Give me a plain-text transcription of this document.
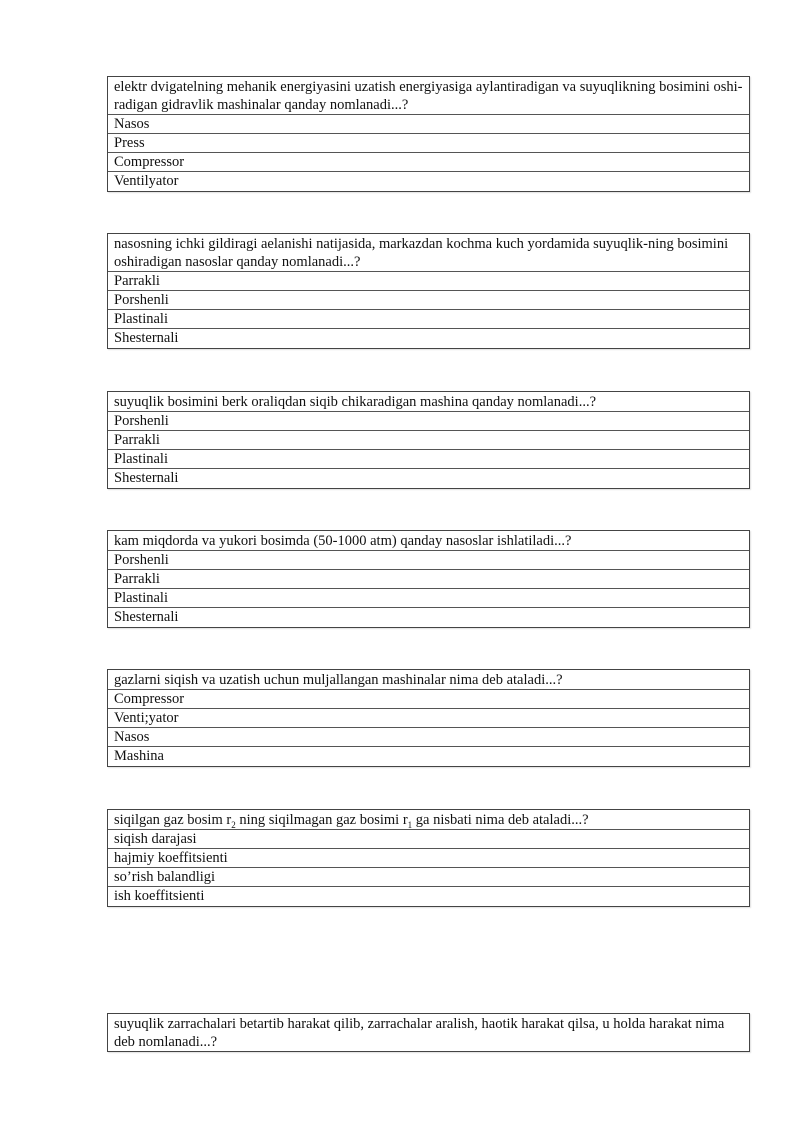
elektr dvigatelning mehanik energiyasini uzatish energiyasiga aylantiradigan va suyuqlikning bosimini oshi-radigan gidravlik mashinalar qanday nomlanadi...?
Nasos
Press
Compressor
Ventilyator
nasosning ichki gildiragi aelanishi natijasida, markazdan kochma kuch yordamida suyuqlik-ning bosimini oshiradigan nasoslar qanday nomlanadi...?
Parrakli
Porshenli
Plastinali
Shesternali
suyuqlik bosimini berk oraliqdan siqib chikaradigan mashina qanday nomlanadi...?
Porshenli
Parrakli
Plastinali
Shesternali
kam miqdorda va yukori bosimda (50-1000 atm) qanday nasoslar ishlatiladi...?
Porshenli
Parrakli
Plastinali
Shesternali
gazlarni siqish va uzatish uchun muljallangan mashinalar nima deb ataladi...?
Compressor
Venti;yator
Nasos
Mashina
siqilgan gaz bosim $r_2$ ning siqilmagan gaz bosimi $r_1$ ga nisbati nima deb ataladi...?
siqish darajasi
hajmiy koeffitsienti
so’rish balandligi
ish koeffitsienti
suyuqlik zarrachalari betartib harakat qilib, zarrachalar aralish, haotik harakat qilsa, u holda harakat nima deb nomlanadi...?
